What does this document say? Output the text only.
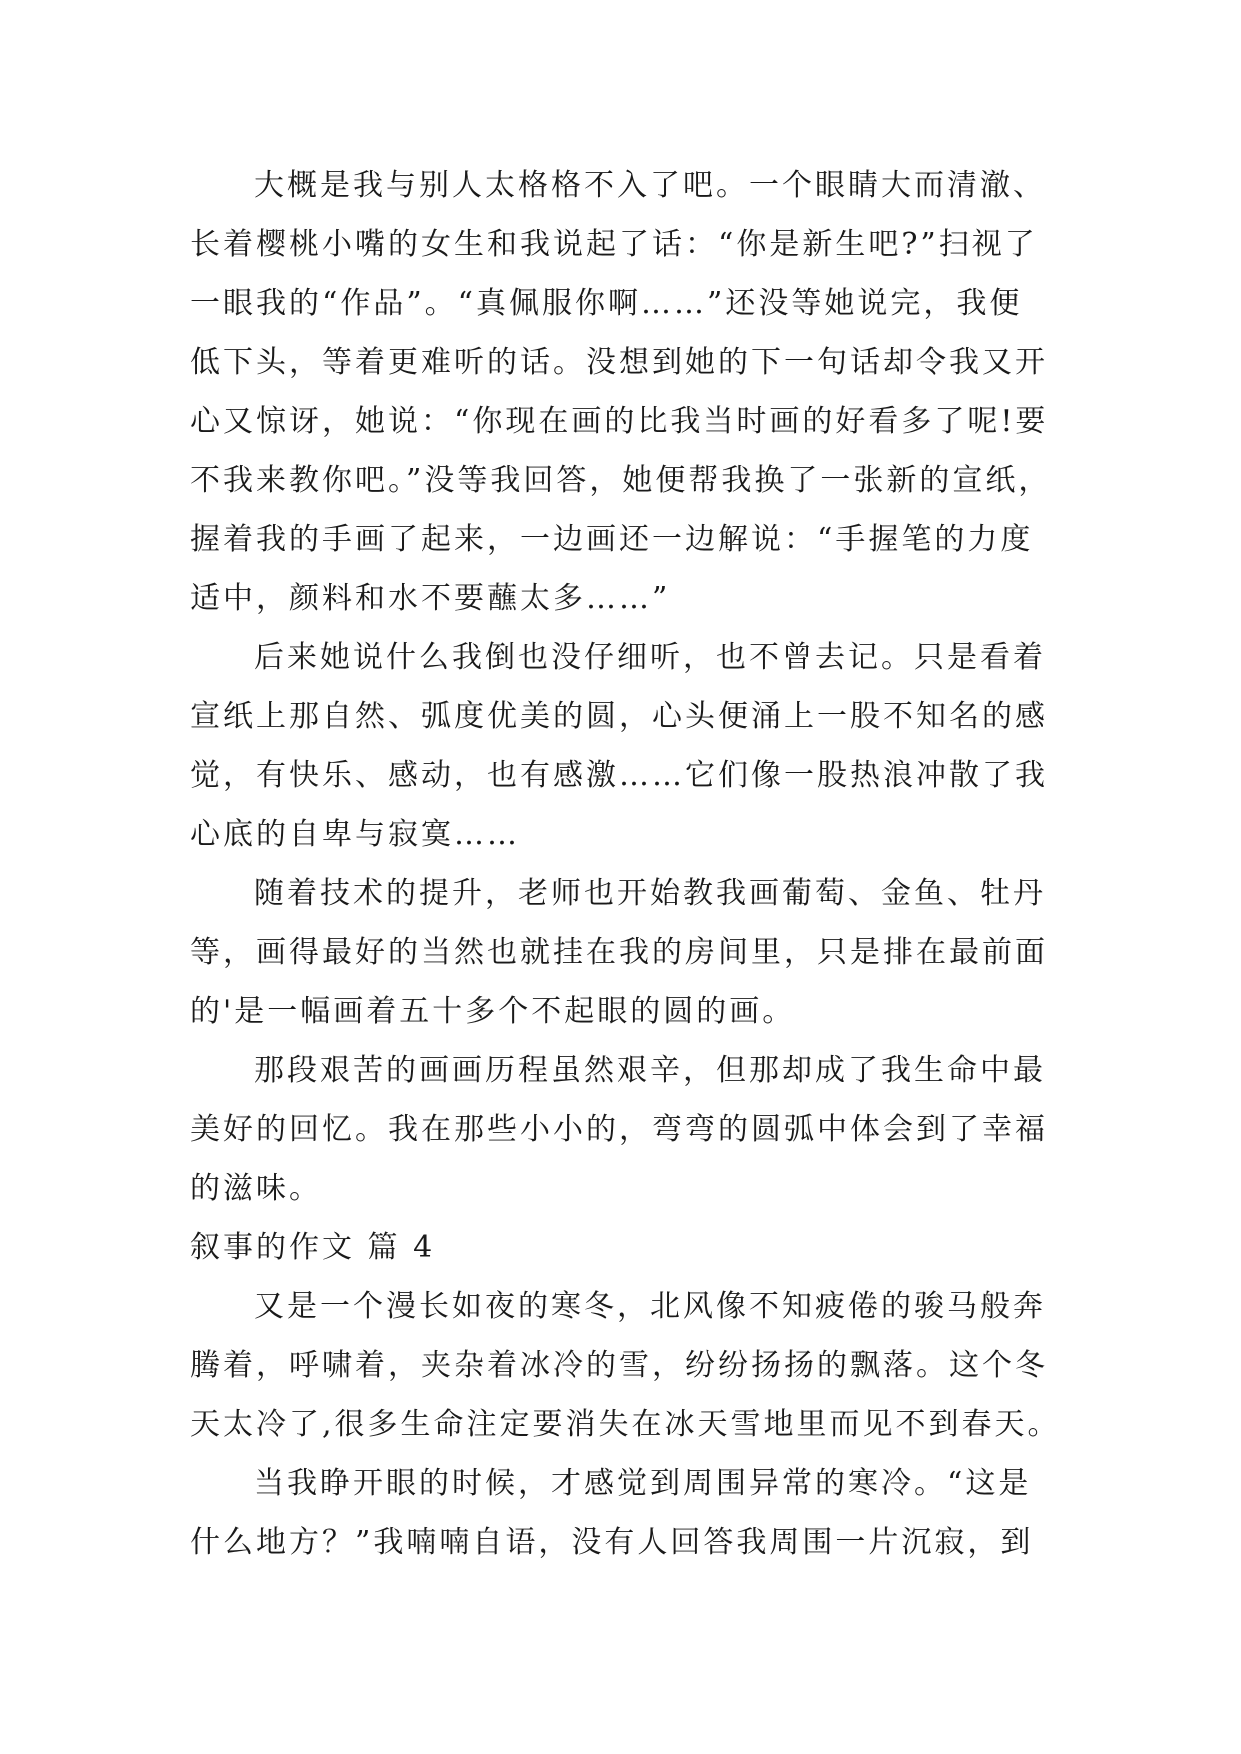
大概是我与别人太格格不入了吧。一个眼睛大而清澈、
长着樱桃小嘴的女生和我说起了话：“你是新生吧?”扫视了
一眼我的“作品”。“真佩服你啊……”还没等她说完，我便
低下头，等着更难听的话。没想到她的下一句话却令我又开
心又惊讶，她说：“你现在画的比我当时画的好看多了呢!要
不我来教你吧。”没等我回答，她便帮我换了一张新的宣纸，
握着我的手画了起来，一边画还一边解说：“手握笔的力度
适中，颜料和水不要蘸太多……”
后来她说什么我倒也没仔细听，也不曾去记。只是看着
宣纸上那自然、弧度优美的圆，心头便涌上一股不知名的感
觉，有快乐、感动，也有感激……它们像一股热浪冲散了我
心底的自卑与寂寞……
随着技术的提升，老师也开始教我画葡萄、金鱼、牡丹
等，画得最好的当然也就挂在我的房间里，只是排在最前面
的'是一幅画着五十多个不起眼的圆的画。
那段艰苦的画画历程虽然艰辛，但那却成了我生命中最
美好的回忆。我在那些小小的，弯弯的圆弧中体会到了幸福
的滋味。
叙事的作文 篇 4
又是一个漫长如夜的寒冬，北风像不知疲倦的骏马般奔
腾着，呼啸着，夹杂着冰冷的雪，纷纷扬扬的飘落。这个冬
天太冷了,很多生命注定要消失在冰天雪地里而见不到春天。
当我睁开眼的时候，才感觉到周围异常的寒冷。“这是
什么地方？”我喃喃自语，没有人回答我周围一片沉寂，到
